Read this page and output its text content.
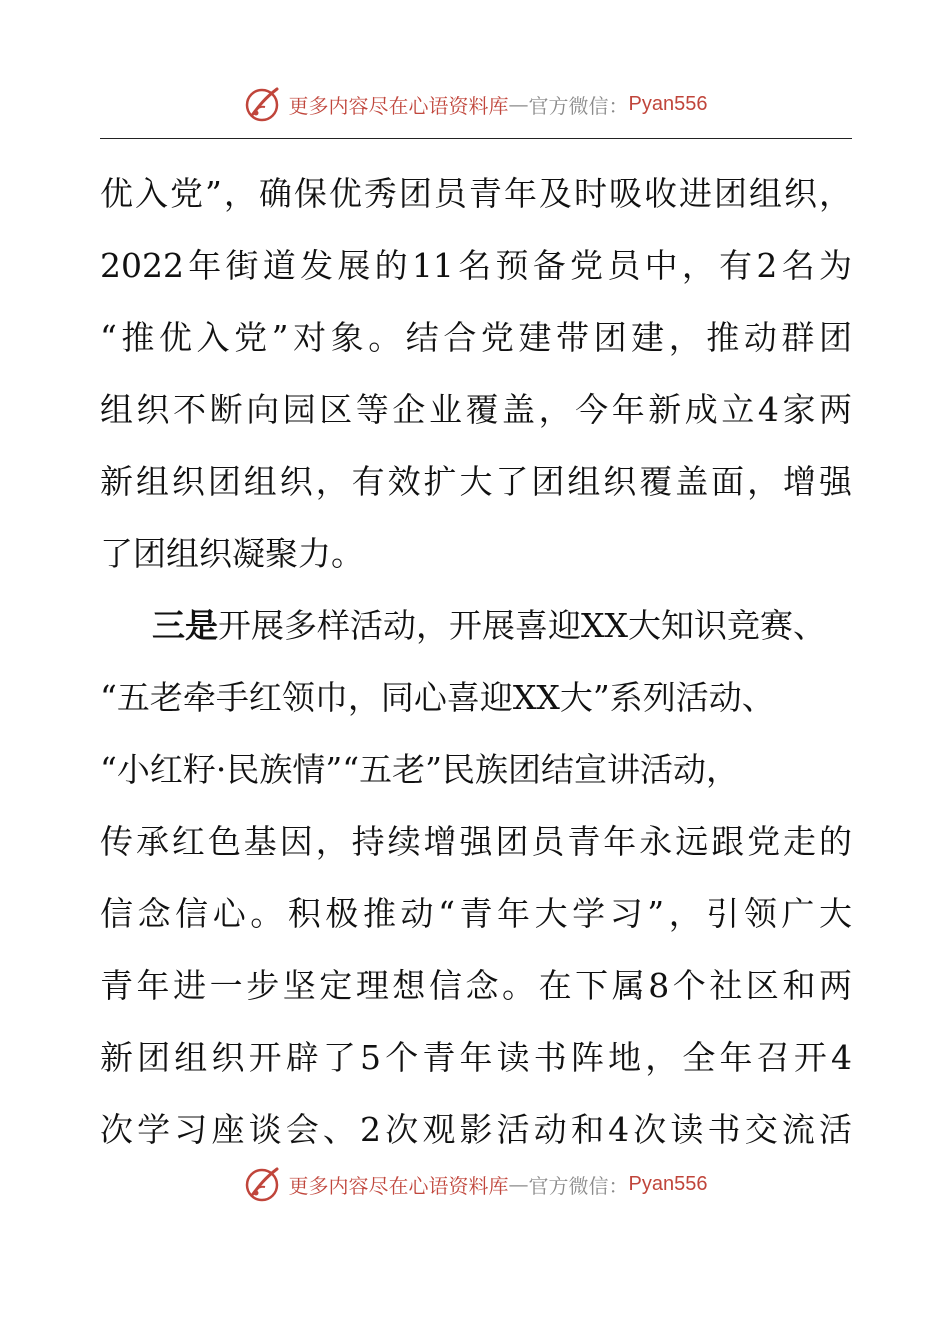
更多内容尽在心语资料库 — 官方微信： Pyan556
优入党”，确保优秀团员青年及时吸收进团组织，
2022年街道发展的11名预备党员中，有2名为
“推优入党”对象。结合党建带团建，推动群团
组织不断向园区等企业覆盖，今年新成立4家两
新组织团组织，有效扩大了团组织覆盖面，增强
了团组织凝聚力。
三是开展多样活动，开展喜迎XX大知识竞赛、
“五老牵手红领巾，同心喜迎XX大”系列活动、
“小红籽·民族情”“五老”民族团结宣讲活动，
传承红色基因，持续增强团员青年永远跟党走的
信念信心。积极推动“青年大学习”，引领广大
青年进一步坚定理想信念。在下属8个社区和两
新团组织开辟了5个青年读书阵地，全年召开4
次学习座谈会、2次观影活动和4次读书交流活
更多内容尽在心语资料库 — 官方微信： Pyan556
